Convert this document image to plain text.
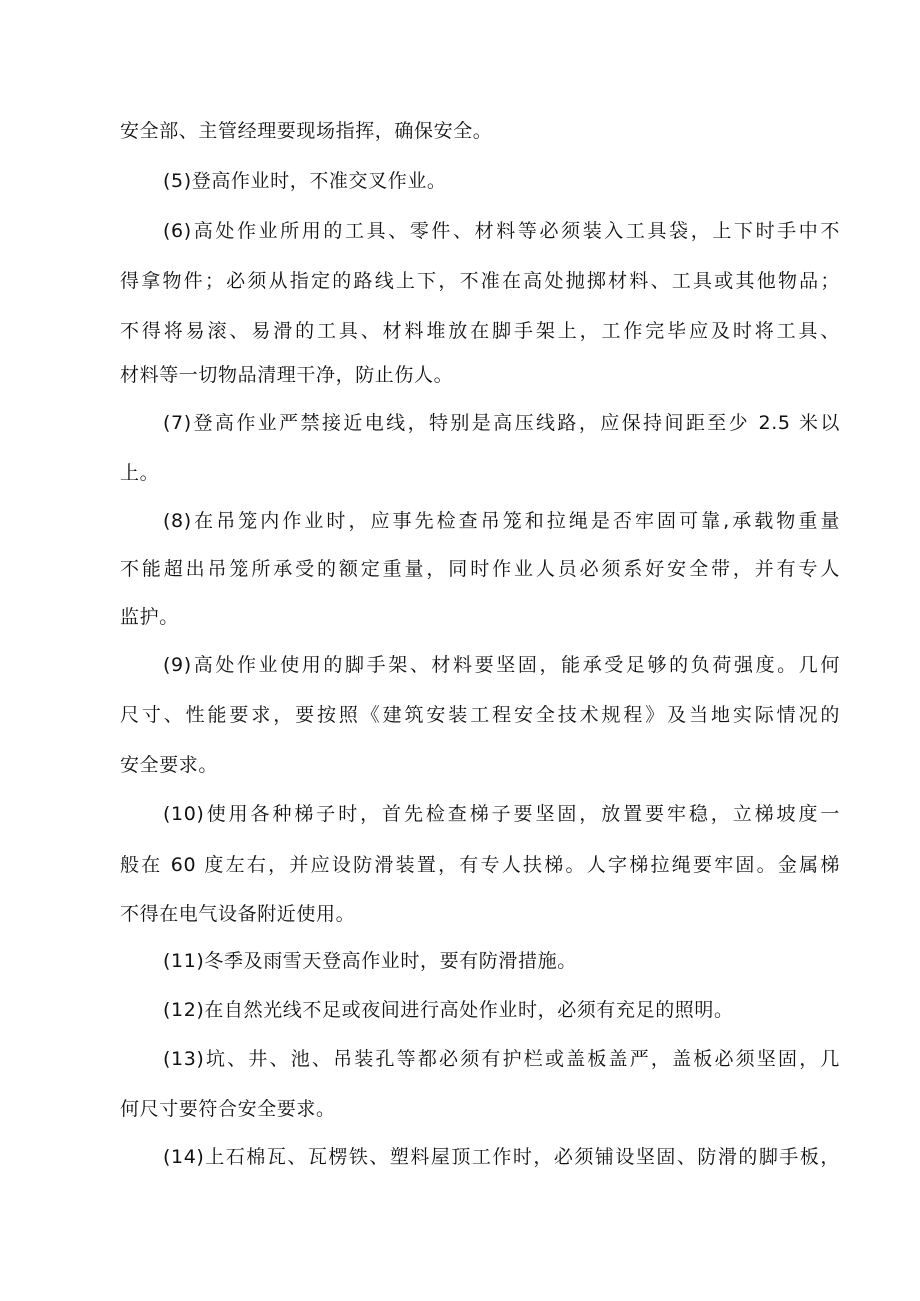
安全部、主管经理要现场指挥，确保安全。
(5)登高作业时，不准交叉作业。
(6)高处作业所用的工具、零件、材料等必须装入工具袋，上下时手中不
得拿物件；必须从指定的路线上下，不准在高处抛掷材料、工具或其他物品；
不得将易滚、易滑的工具、材料堆放在脚手架上，工作完毕应及时将工具、
材料等一切物品清理干净，防止伤人。
(7)登高作业严禁接近电线，特别是高压线路，应保持间距至少 2.5 米以
上。
(8)在吊笼内作业时，应事先检查吊笼和拉绳是否牢固可靠,承载物重量
不能超出吊笼所承受的额定重量，同时作业人员必须系好安全带，并有专人
监护。
(9)高处作业使用的脚手架、材料要坚固，能承受足够的负荷强度。几何
尺寸、性能要求，要按照《建筑安装工程安全技术规程》及当地实际情况的
安全要求。
(10)使用各种梯子时，首先检查梯子要坚固，放置要牢稳，立梯坡度一
般在 60 度左右，并应设防滑装置，有专人扶梯。人字梯拉绳要牢固。金属梯
不得在电气设备附近使用。
(11)冬季及雨雪天登高作业时，要有防滑措施。
(12)在自然光线不足或夜间进行高处作业时，必须有充足的照明。
(13)坑、井、池、吊装孔等都必须有护栏或盖板盖严，盖板必须坚固，几
何尺寸要符合安全要求。
(14)上石棉瓦、瓦楞铁、塑料屋顶工作时，必须铺设坚固、防滑的脚手板，
